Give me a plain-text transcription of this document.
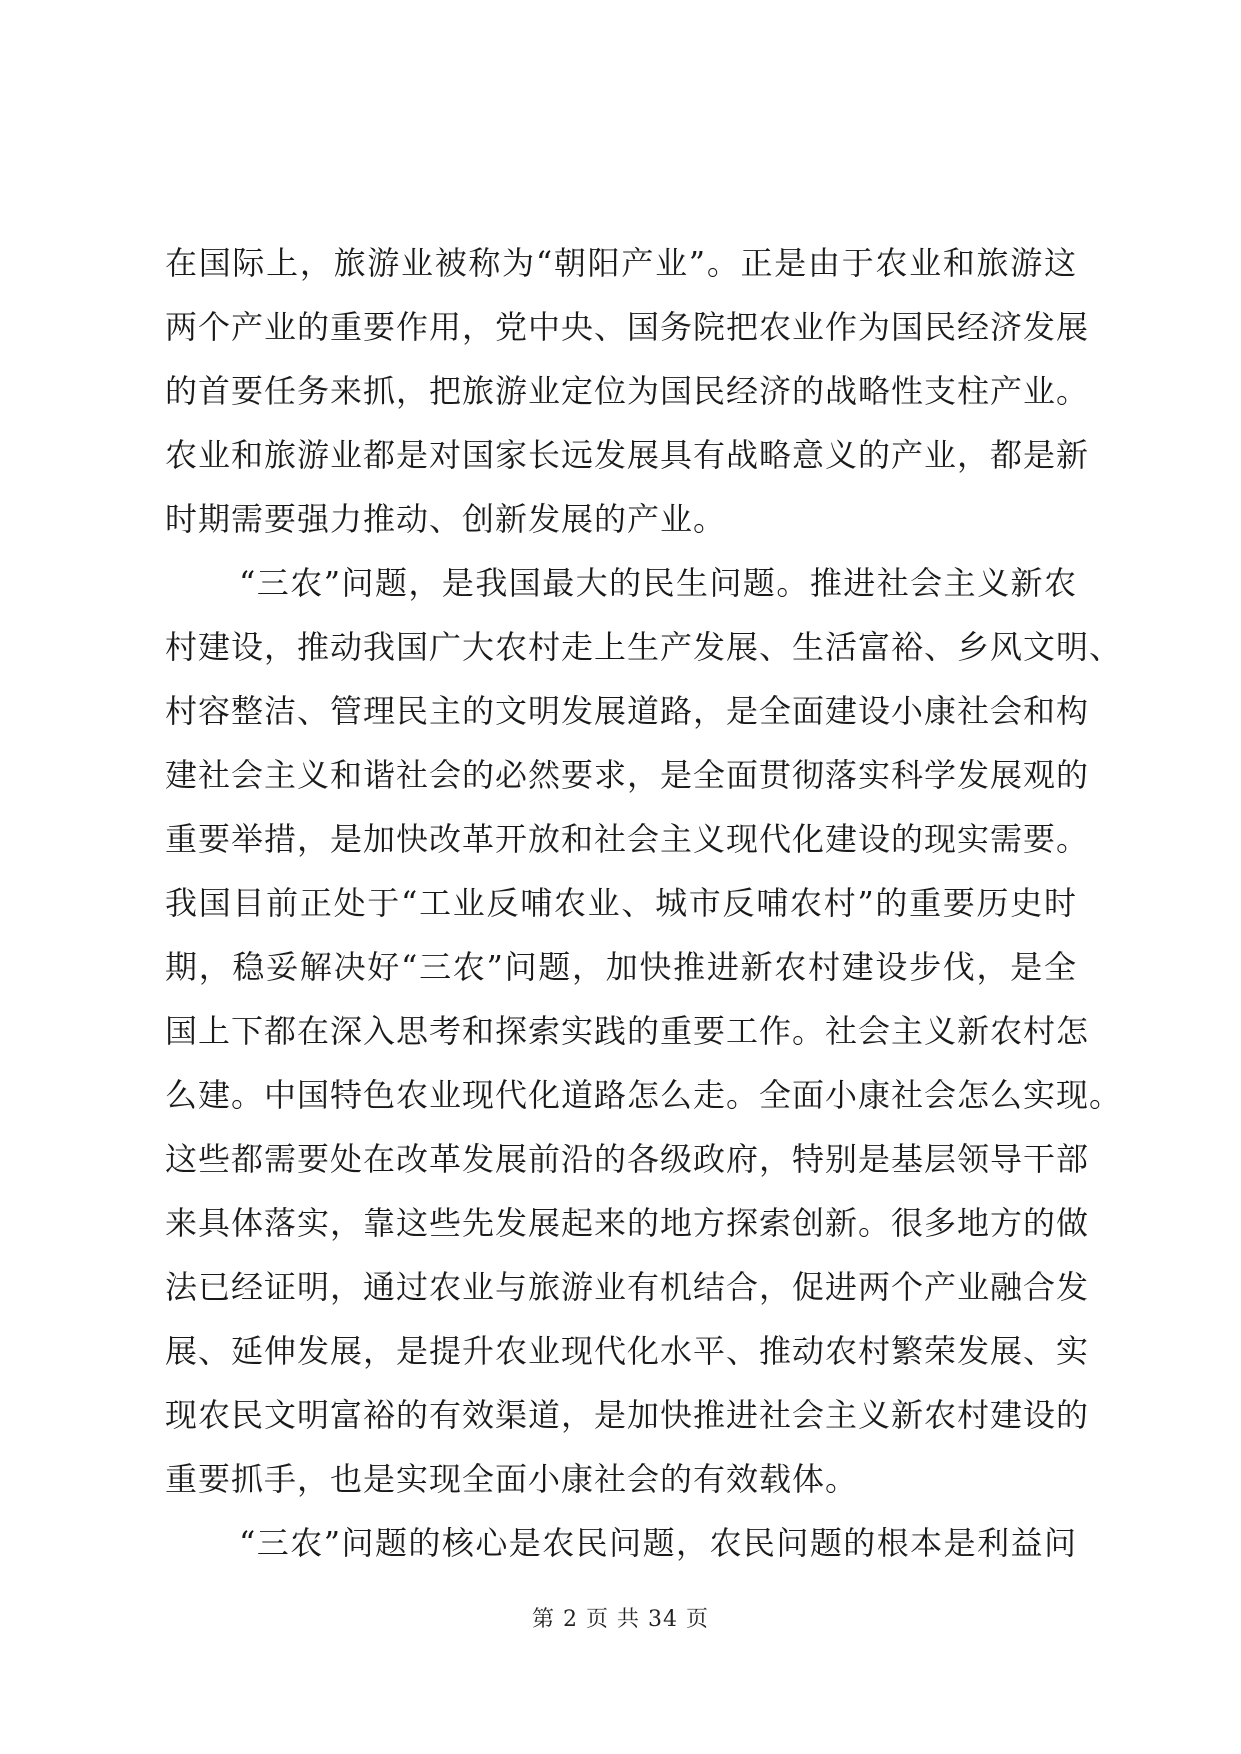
在国际上，旅游业被称为“朝阳产业”。正是由于农业和旅游这
两个产业的重要作用，党中央、国务院把农业作为国民经济发展
的首要任务来抓，把旅游业定位为国民经济的战略性支柱产业。
农业和旅游业都是对国家长远发展具有战略意义的产业，都是新
时期需要强力推动、创新发展的产业。
“三农”问题，是我国最大的民生问题。推进社会主义新农
村建设，推动我国广大农村走上生产发展、生活富裕、乡风文明、
村容整洁、管理民主的文明发展道路，是全面建设小康社会和构
建社会主义和谐社会的必然要求，是全面贯彻落实科学发展观的
重要举措，是加快改革开放和社会主义现代化建设的现实需要。
我国目前正处于“工业反哺农业、城市反哺农村”的重要历史时
期，稳妥解决好“三农”问题，加快推进新农村建设步伐，是全
国上下都在深入思考和探索实践的重要工作。社会主义新农村怎
么建。中国特色农业现代化道路怎么走。全面小康社会怎么实现。
这些都需要处在改革发展前沿的各级政府，特别是基层领导干部
来具体落实，靠这些先发展起来的地方探索创新。很多地方的做
法已经证明，通过农业与旅游业有机结合，促进两个产业融合发
展、延伸发展，是提升农业现代化水平、推动农村繁荣发展、实
现农民文明富裕的有效渠道，是加快推进社会主义新农村建设的
重要抓手，也是实现全面小康社会的有效载体。
“三农”问题的核心是农民问题，农民问题的根本是利益问
第 2 页 共 34 页
